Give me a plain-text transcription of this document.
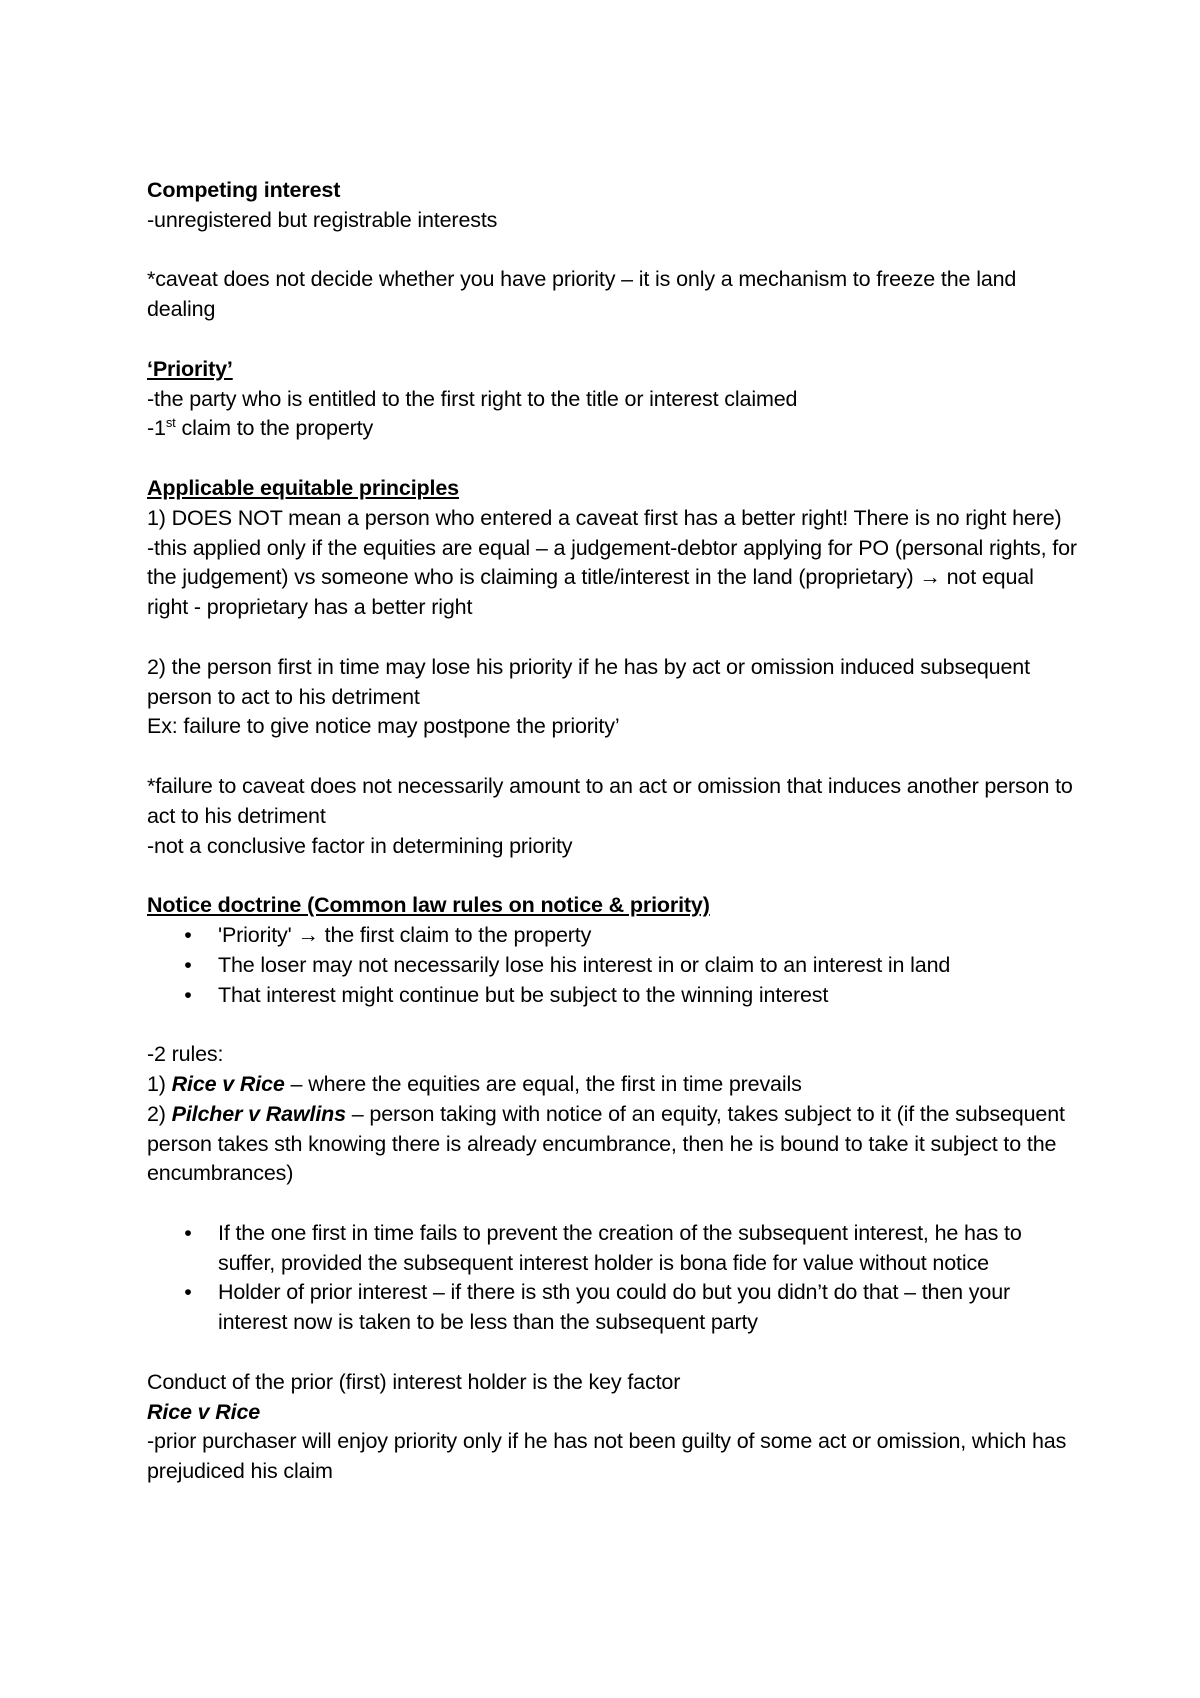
Competing interest
-unregistered but registrable interests
*caveat does not decide whether you have priority – it is only a mechanism to freeze the land dealing
‘Priority’
-the party who is entitled to the first right to the title or interest claimed
-1st claim to the property
Applicable equitable principles
1) DOES NOT mean a person who entered a caveat first has a better right! There is no right here)
-this applied only if the equities are equal – a judgement-debtor applying for PO (personal rights, for the judgement) vs someone who is claiming a title/interest in the land (proprietary) → not equal right - proprietary has a better right
2) the person first in time may lose his priority if he has by act or omission induced subsequent person to act to his detriment
Ex: failure to give notice may postpone the priority’
*failure to caveat does not necessarily amount to an act or omission that induces another person to act to his detriment
-not a conclusive factor in determining priority
Notice doctrine (Common law rules on notice & priority)
• 'Priority' → the first claim to the property
• The loser may not necessarily lose his interest in or claim to an interest in land
• That interest might continue but be subject to the winning interest
-2 rules:
1) Rice v Rice – where the equities are equal, the first in time prevails
2) Pilcher v Rawlins – person taking with notice of an equity, takes subject to it (if the subsequent person takes sth knowing there is already encumbrance, then he is bound to take it subject to the encumbrances)
• If the one first in time fails to prevent the creation of the subsequent interest, he has to suffer, provided the subsequent interest holder is bona fide for value without notice
• Holder of prior interest – if there is sth you could do but you didn’t do that – then your interest now is taken to be less than the subsequent party
Conduct of the prior (first) interest holder is the key factor
Rice v Rice
-prior purchaser will enjoy priority only if he has not been guilty of some act or omission, which has prejudiced his claim
